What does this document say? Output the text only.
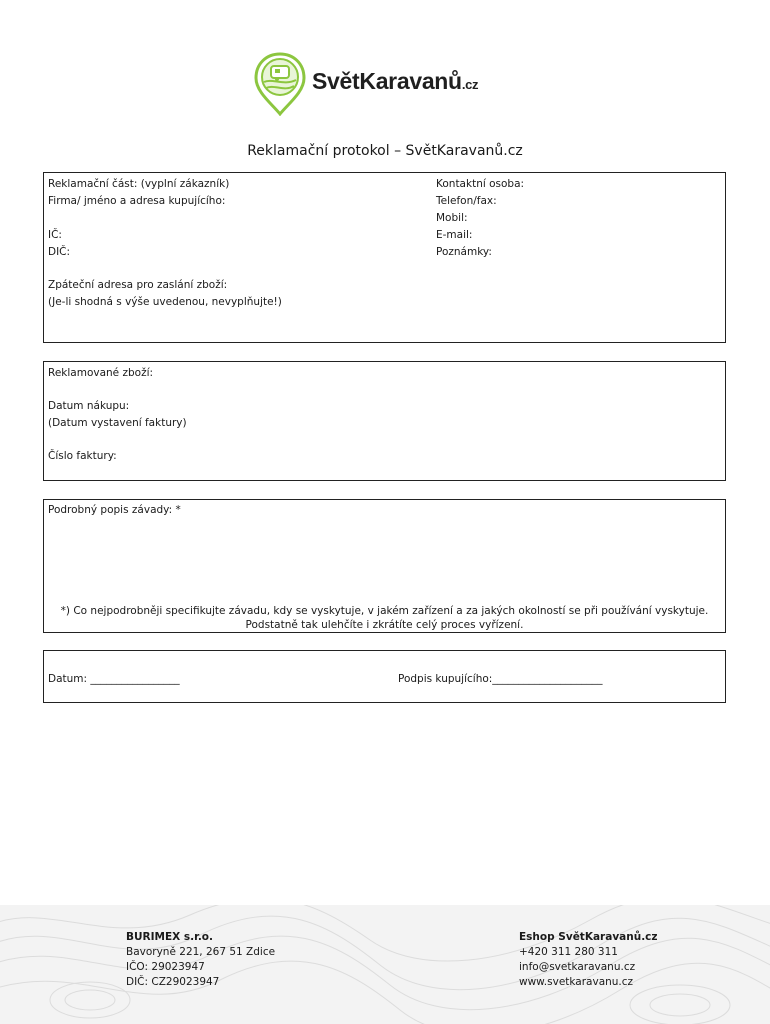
SvětKaravanů.cz
Reklamační protokol – SvětKaravanů.cz
Reklamační část: (vyplní zákazník)
Firma/ jméno a adresa kupujícího:
IČ:
DIČ:
Zpáteční adresa pro zaslání zboží:
(Je-li shodná s výše uvedenou, nevyplňujte!)
Kontaktní osoba:
Telefon/fax:
Mobil:
E-mail:
Poznámky:
Reklamované zboží:
Datum nákupu:
(Datum vystavení faktury)
Číslo faktury:
Podrobný popis závady: *
*) Co nejpodrobněji specifikujte závadu, kdy se vyskytuje, v jakém zařízení a za jakých okolností se při používání vyskytuje.
Podstatně tak ulehčíte i zkrátíte celý proces vyřízení.
Datum: _________________	Podpis kupujícího:_____________________
BURIMEX s.r.o.
Bavoryně 221, 267 51 Zdice
IČO: 29023947
DIČ: CZ29023947
Eshop SvětKaravanů.cz
+420 311 280 311
info@svetkaravanu.cz
www.svetkaravanu.cz
